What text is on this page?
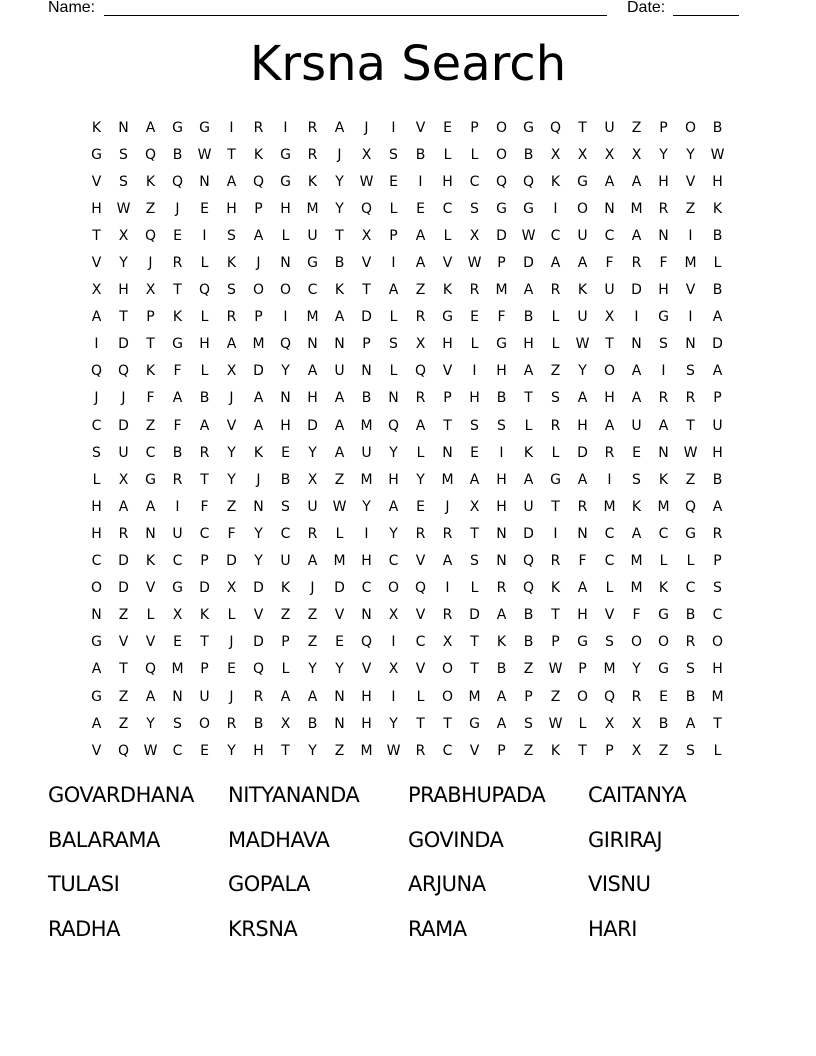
Name:	Date:
Krsna Search
K	N	A	G	G	I	R	I	R	A	J	I	V	E	P	O	G	Q	T	U	Z	P	O	B
G	S	Q	B	W	T	K	G	R	J	X	S	B	L	L	O	B	X	X	X	X	Y	Y	W
V	S	K	Q	N	A	Q	G	K	Y	W	E	I	H	C	Q	Q	K	G	A	A	H	V	H
H	W	Z	J	E	H	P	H	M	Y	Q	L	E	C	S	G	G	I	O	N	M	R	Z	K
T	X	Q	E	I	S	A	L	U	T	X	P	A	L	X	D	W	C	U	C	A	N	I	B
V	Y	J	R	L	K	J	N	G	B	V	I	A	V	W	P	D	A	A	F	R	F	M	L
X	H	X	T	Q	S	O	O	C	K	T	A	Z	K	R	M	A	R	K	U	D	H	V	B
A	T	P	K	L	R	P	I	M	A	D	L	R	G	E	F	B	L	U	X	I	G	I	A
I	D	T	G	H	A	M	Q	N	N	P	S	X	H	L	G	H	L	W	T	N	S	N	D
Q	Q	K	F	L	X	D	Y	A	U	N	L	Q	V	I	H	A	Z	Y	O	A	I	S	A
J	J	F	A	B	J	A	N	H	A	B	N	R	P	H	B	T	S	A	H	A	R	R	P
C	D	Z	F	A	V	A	H	D	A	M	Q	A	T	S	S	L	R	H	A	U	A	T	U
S	U	C	B	R	Y	K	E	Y	A	U	Y	L	N	E	I	K	L	D	R	E	N	W	H
L	X	G	R	T	Y	J	B	X	Z	M	H	Y	M	A	H	A	G	A	I	S	K	Z	B
H	A	A	I	F	Z	N	S	U	W	Y	A	E	J	X	H	U	T	R	M	K	M	Q	A
H	R	N	U	C	F	Y	C	R	L	I	Y	R	R	T	N	D	I	N	C	A	C	G	R
C	D	K	C	P	D	Y	U	A	M	H	C	V	A	S	N	Q	R	F	C	M	L	L	P
O	D	V	G	D	X	D	K	J	D	C	O	Q	I	L	R	Q	K	A	L	M	K	C	S
N	Z	L	X	K	L	V	Z	Z	V	N	X	V	R	D	A	B	T	H	V	F	G	B	C
G	V	V	E	T	J	D	P	Z	E	Q	I	C	X	T	K	B	P	G	S	O	O	R	O
A	T	Q	M	P	E	Q	L	Y	Y	V	X	V	O	T	B	Z	W	P	M	Y	G	S	H
G	Z	A	N	U	J	R	A	A	N	H	I	L	O	M	A	P	Z	O	Q	R	E	B	M
A	Z	Y	S	O	R	B	X	B	N	H	Y	T	T	G	A	S	W	L	X	X	B	A	T
V	Q	W	C	E	Y	H	T	Y	Z	M	W	R	C	V	P	Z	K	T	P	X	Z	S	L
GOVARDHANA	NITYANANDA	PRABHUPADA	CAITANYA
BALARAMA	MADHAVA	GOVINDA	GIRIRAJ
TULASI	GOPALA	ARJUNA	VISNU
RADHA	KRSNA	RAMA	HARI
